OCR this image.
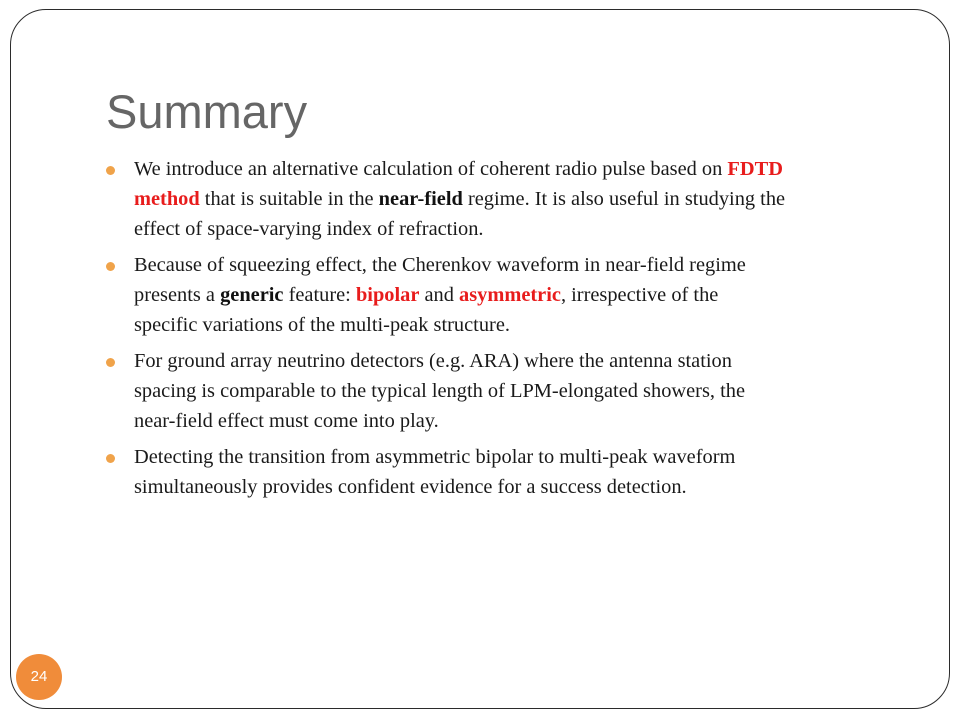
Summary
We introduce an alternative calculation of coherent radio pulse based on FDTD
method that is suitable in the near-field regime. It is also useful in studying the
effect of space-varying index of refraction.
Because of squeezing effect, the Cherenkov waveform in near-field regime
presents a generic feature: bipolar and asymmetric, irrespective of the
specific variations of the multi-peak structure.
For ground array neutrino detectors (e.g. ARA) where the antenna station
spacing is comparable to the typical length of LPM-elongated showers, the
near-field effect must come into play.
Detecting the transition from asymmetric bipolar to multi-peak waveform
simultaneously provides confident evidence for a success detection.
24
